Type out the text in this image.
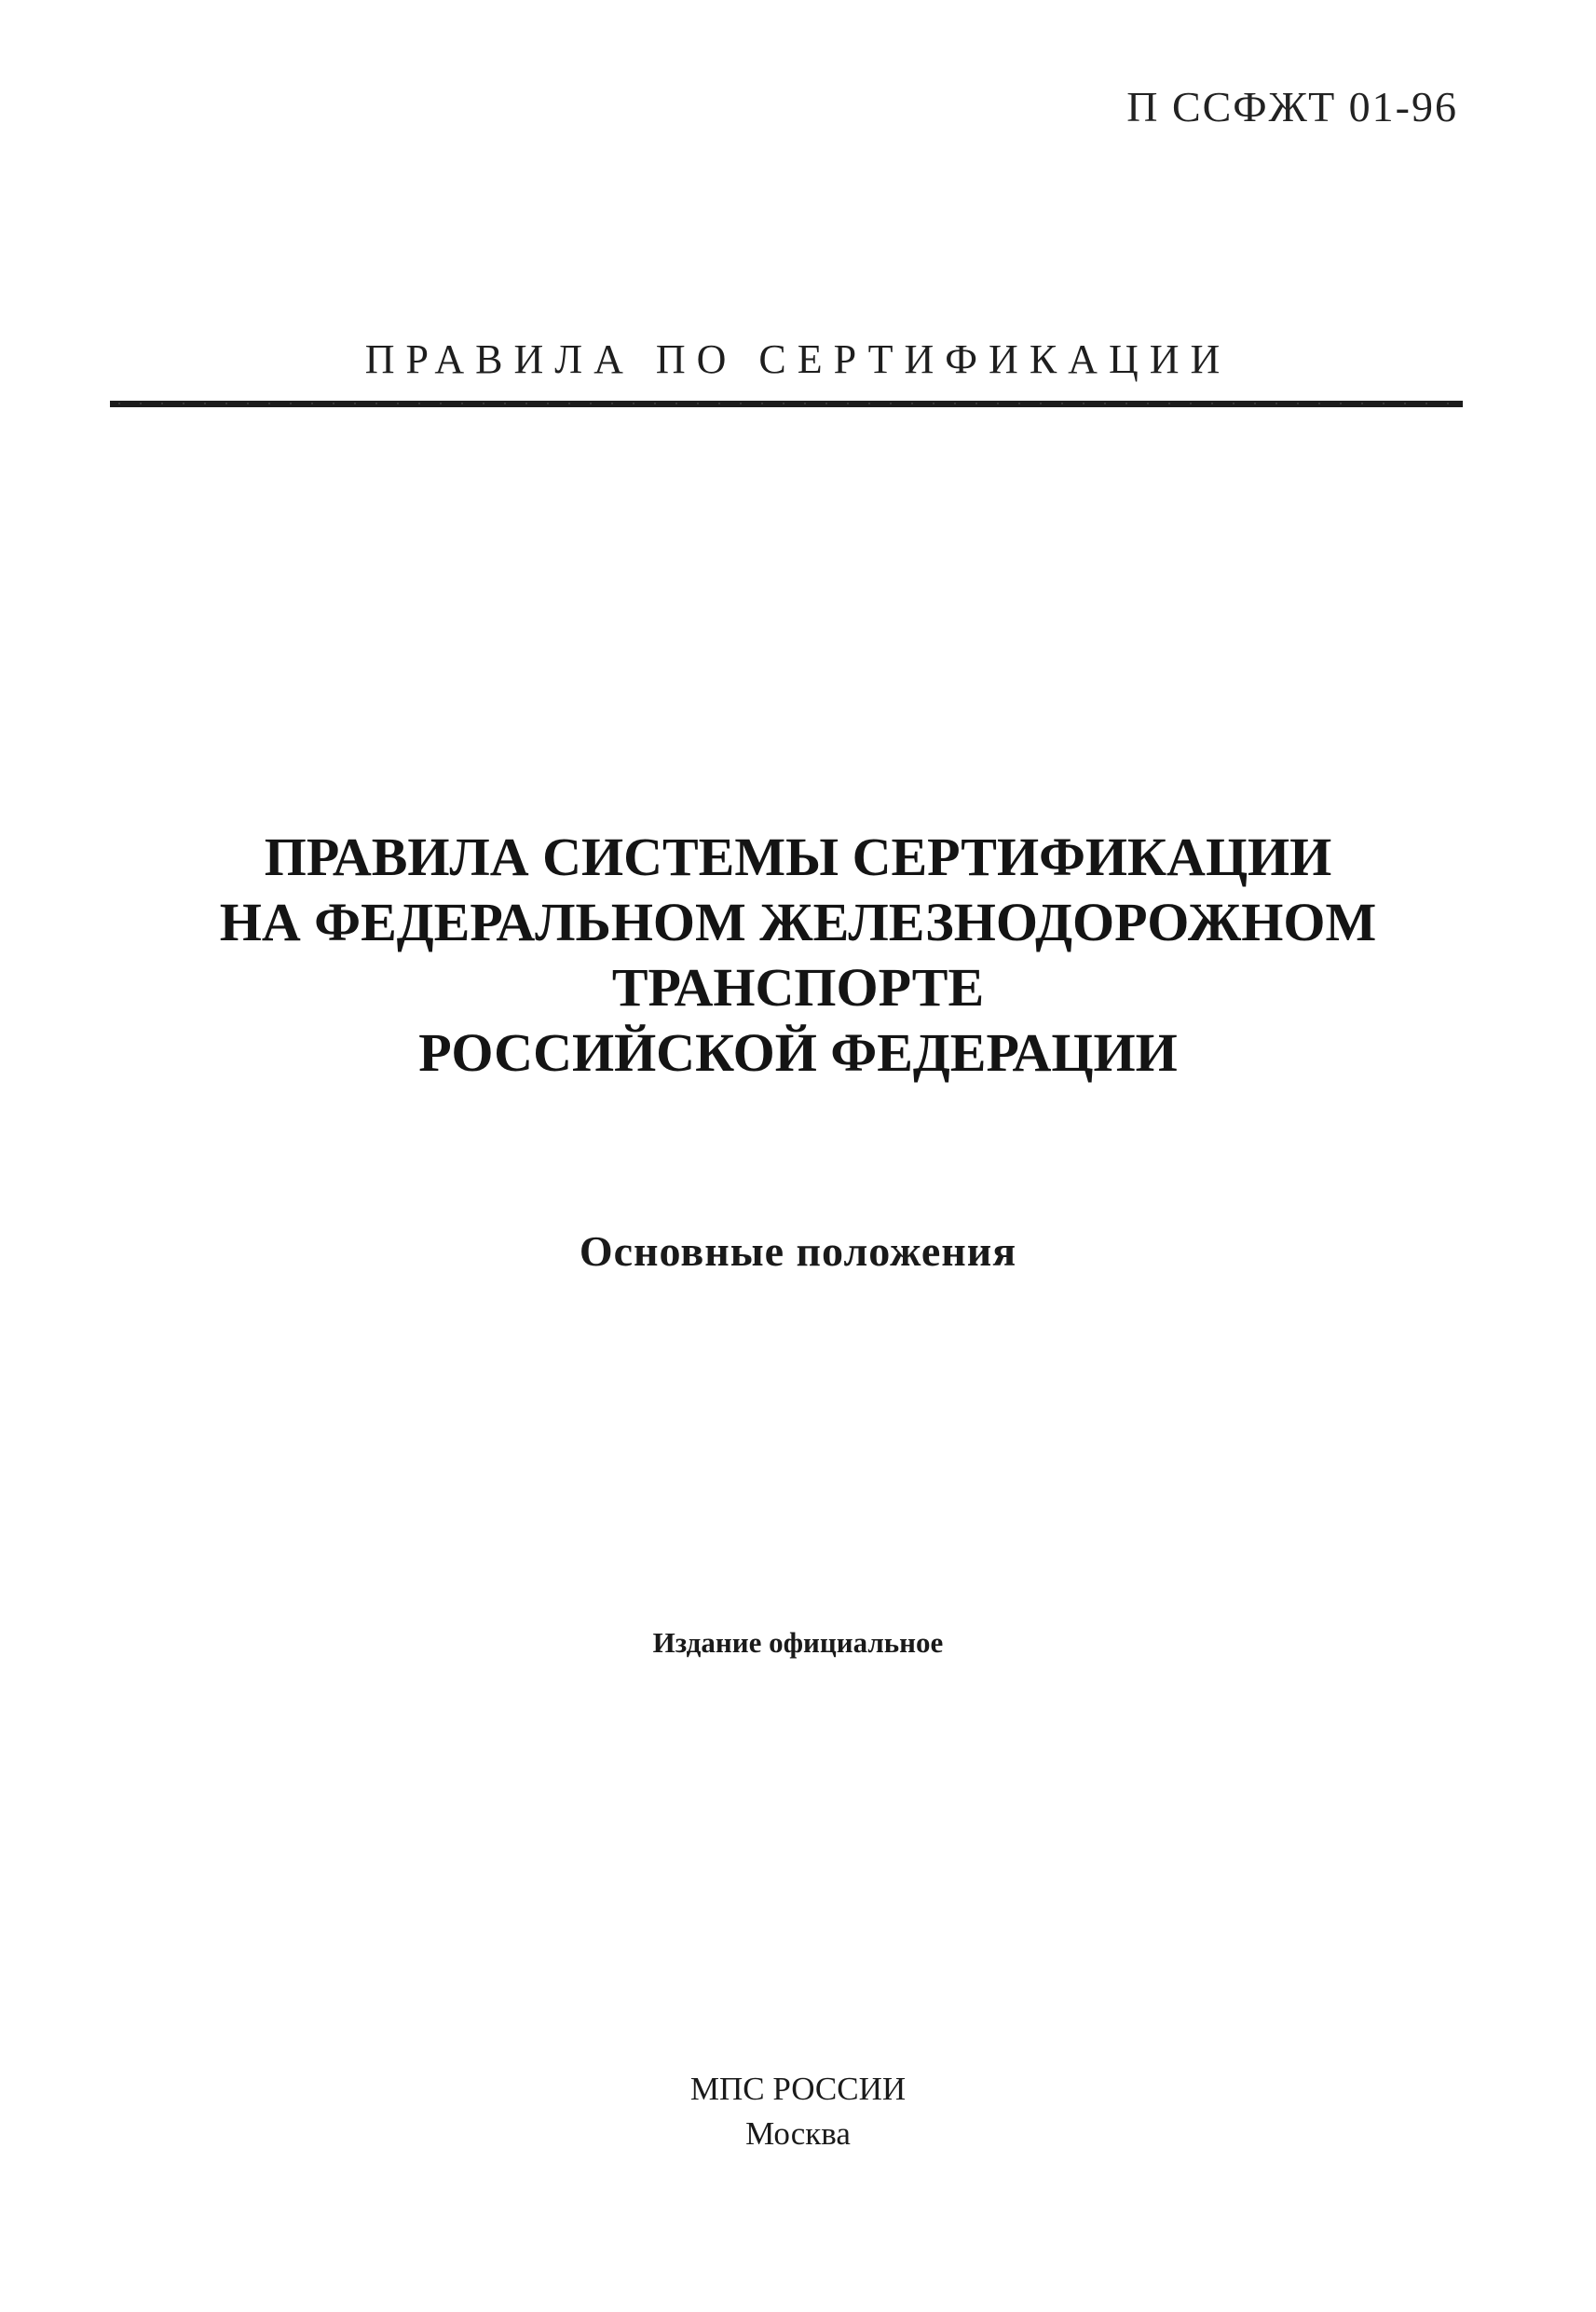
П ССФЖТ 01-96
ПРАВИЛА ПО СЕРТИФИКАЦИИ
ПРАВИЛА СИСТЕМЫ СЕРТИФИКАЦИИ
НА ФЕДЕРАЛЬНОМ ЖЕЛЕЗНОДОРОЖНОМ
ТРАНСПОРТЕ
РОССИЙСКОЙ ФЕДЕРАЦИИ
Основные положения
Издание официальное
МПС РОССИИ
Москва
